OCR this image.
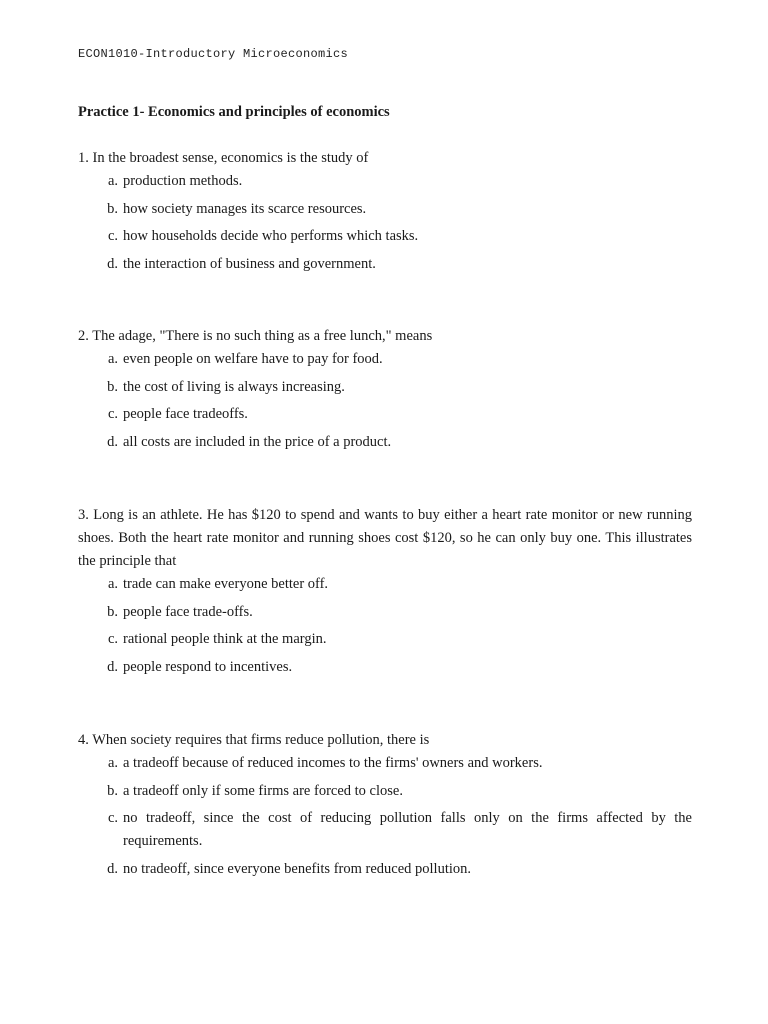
ECON1010-Introductory Microeconomics
Practice 1- Economics and principles of economics

1. In the broadest sense, economics is the study of

a. production methods.
b. how society manages its scarce resources.
c. how households decide who performs which tasks.
d. the interaction of business and government.

2. The adage, "There is no such thing as a free lunch," means

a. even people on welfare have to pay for food.
b. the cost of living is always increasing.
c. people face tradeoffs.
d. all costs are included in the price of a product.

3. Long is an athlete. He has $120 to spend and wants to buy either a heart rate monitor or new running shoes. Both the heart rate monitor and running shoes cost $120, so he can only buy one. This illustrates the principle that

a. trade can make everyone better off.
b. people face trade-offs.
c. rational people think at the margin.
d. people respond to incentives.

4. When society requires that firms reduce pollution, there is

a. a tradeoff because of reduced incomes to the firms' owners and workers.
b. a tradeoff only if some firms are forced to close.
c. no tradeoff, since the cost of reducing pollution falls only on the firms affected by the requirements.
d. no tradeoff, since everyone benefits from reduced pollution.
